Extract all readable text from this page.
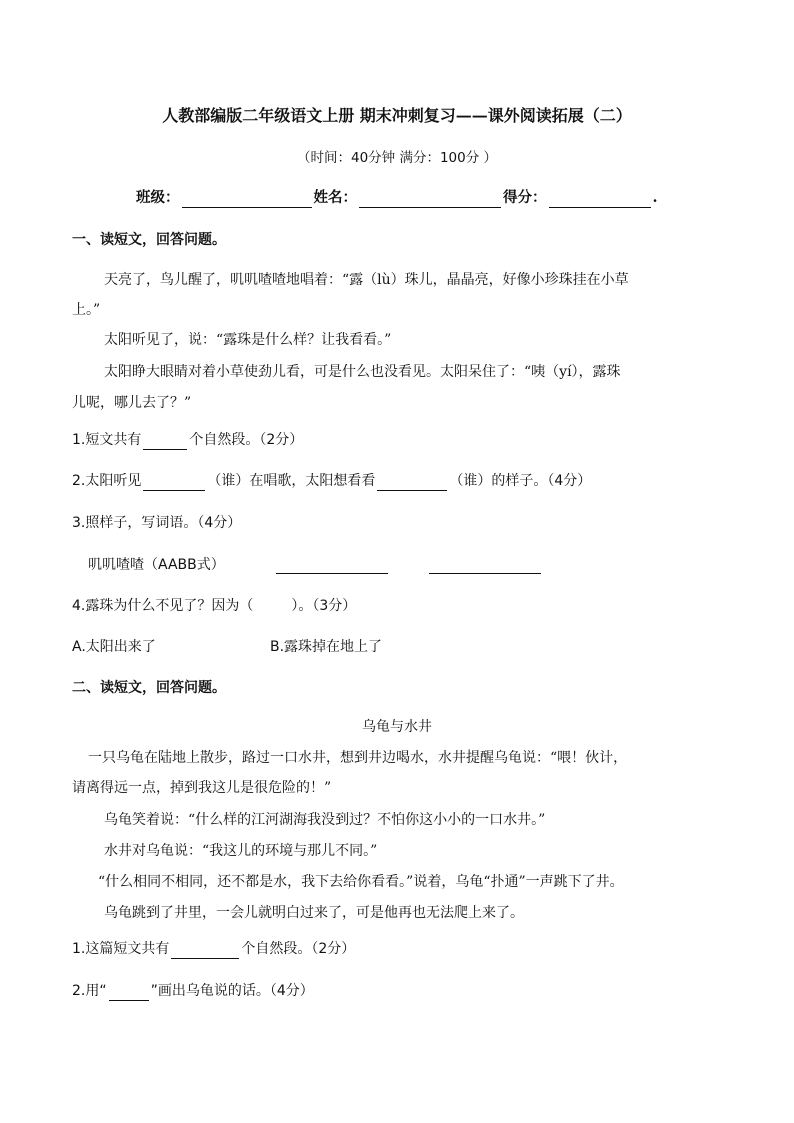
人教部编版二年级语文上册 期末冲刺复习——课外阅读拓展（二）
（时间：40分钟 满分：100分 ）
班级：	姓名：	得分：	.
一、读短文，回答问题。
天亮了，鸟儿醒了，叽叽喳喳地唱着：“露（lù）珠儿，晶晶亮，好像小珍珠挂在小草
上。”
太阳听见了，说：“露珠是什么样？让我看看。”
太阳睁大眼睛对着小草使劲儿看，可是什么也没看见。太阳呆住了：“咦（yí），露珠
儿呢，哪儿去了？”
1.短文共有	个自然段。（2分）
2.太阳听见	（谁）在唱歌，太阳想看看	（谁）的样子。（4分）
3.照样子，写词语。（4分）
叽叽喳喳（AABB式）
4.露珠为什么不见了？因为（	）。（3分）
A.太阳出来了	B.露珠掉在地上了
二、读短文，回答问题。
乌龟与水井
一只乌龟在陆地上散步，路过一口水井，想到井边喝水，水井提醒乌龟说：“喂！伙计，
请离得远一点，掉到我这儿是很危险的！”
乌龟笑着说：“什么样的江河湖海我没到过？不怕你这小小的一口水井。”
水井对乌龟说：“我这儿的环境与那儿不同。”
“什么相同不相同，还不都是水，我下去给你看看。”说着，乌龟“扑通”一声跳下了井。
乌龟跳到了井里，一会儿就明白过来了，可是他再也无法爬上来了。
1.这篇短文共有	个自然段。（2分）
2.用“	”画出乌龟说的话。（4分）
